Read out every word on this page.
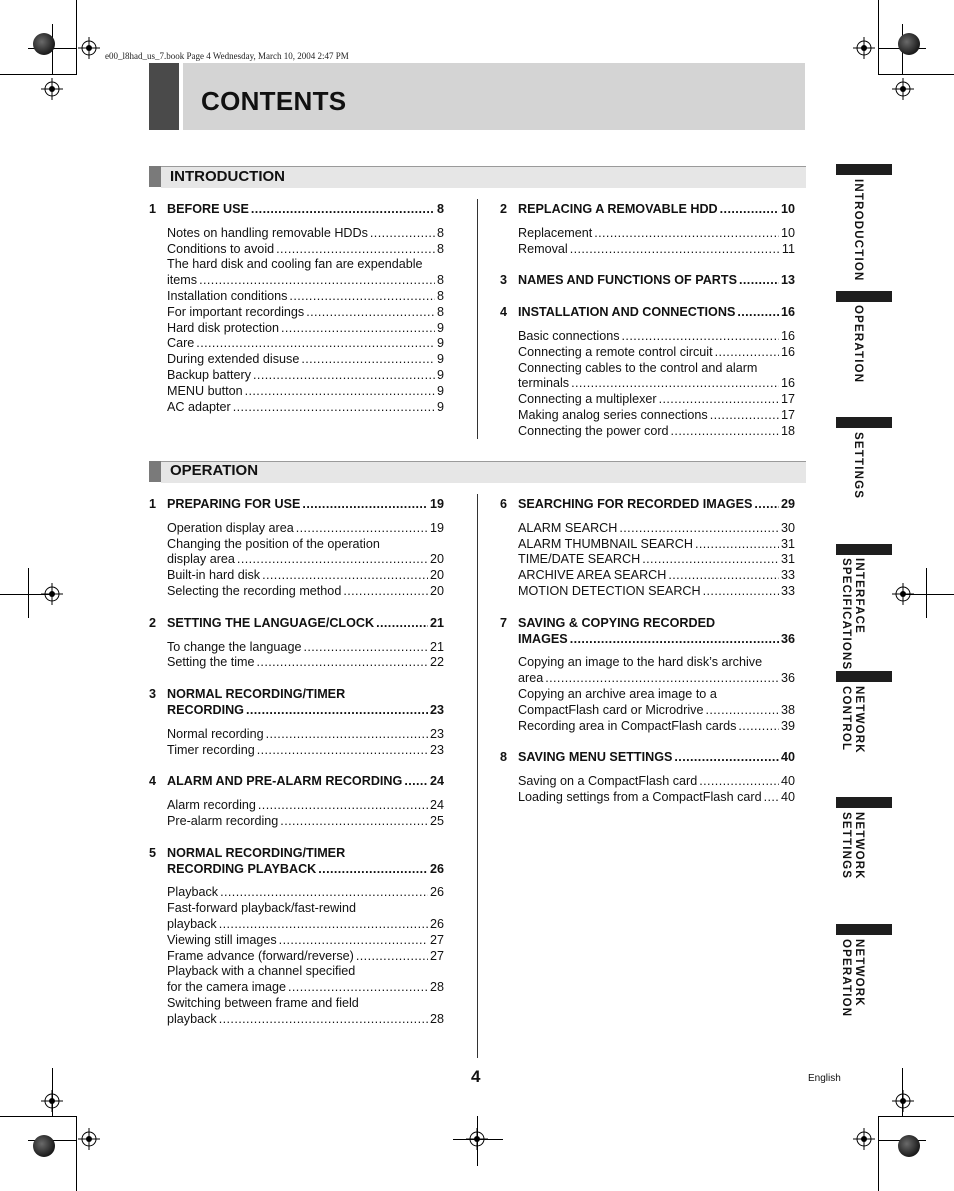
e00_l8had_us_7.book Page 4 Wednesday, March 10, 2004 2:47 PM
CONTENTS
INTRODUCTION
1 BEFORE USE .....	8
Notes on handling removable HDDs .....	8
Conditions to avoid .....	8
The hard disk and cooling fan are expendable
items .....	8
Installation conditions .....	8
For important recordings .....	8
Hard disk protection .....	9
Care .....	9
During extended disuse .....	9
Backup battery .....	9
MENU button .....	9
AC adapter .....	9
2 REPLACING A REMOVABLE HDD .....	10
Replacement .....	10
Removal .....	11
3 NAMES AND FUNCTIONS OF PARTS .....	13
4 INSTALLATION AND CONNECTIONS .....	16
Basic connections .....	16
Connecting a remote control circuit .....	16
Connecting cables to the control and alarm
terminals .....	16
Connecting a multiplexer .....	17
Making analog series connections .....	17
Connecting the power cord .....	18
OPERATION
1 PREPARING FOR USE .....	19
Operation display area .....	19
Changing the position of the operation
display area .....	20
Built-in hard disk .....	20
Selecting the recording method .....	20
2 SETTING THE LANGUAGE/CLOCK .....	21
To change the language .....	21
Setting the time .....	22
3 NORMAL RECORDING/TIMER
RECORDING .....	23
Normal recording .....	23
Timer recording .....	23
4 ALARM AND PRE-ALARM RECORDING ..... 24
Alarm recording .....	24
Pre-alarm recording .....	25
5 NORMAL RECORDING/TIMER
RECORDING PLAYBACK .....	26
Playback .....	26
Fast-forward playback/fast-rewind
playback .....	26
Viewing still images .....	27
Frame advance (forward/reverse) .....	27
Playback with a channel specified
for the camera image .....	28
Switching between frame and field
playback .....	28
6 SEARCHING FOR RECORDED IMAGES ..... 29
ALARM SEARCH .....	30
ALARM THUMBNAIL SEARCH .....	31
TIME/DATE SEARCH .....	31
ARCHIVE AREA SEARCH .....	33
MOTION DETECTION SEARCH .....	33
7 SAVING & COPYING RECORDED
IMAGES .....	36
Copying an image to the hard disk’s archive
area .....	36
Copying an archive area image to a
CompactFlash card or Microdrive .....	38
Recording area in CompactFlash cards .....	39
8 SAVING MENU SETTINGS .....	40
Saving on a CompactFlash card .....	40
Loading settings from a CompactFlash card ..... 40
INTRODUCTION
OPERATION
SETTINGS
INTERFACE
SPECIFICATIONS
NETWORK
CONTROL
NETWORK
SETTINGS
NETWORK
OPERATION
4	English
